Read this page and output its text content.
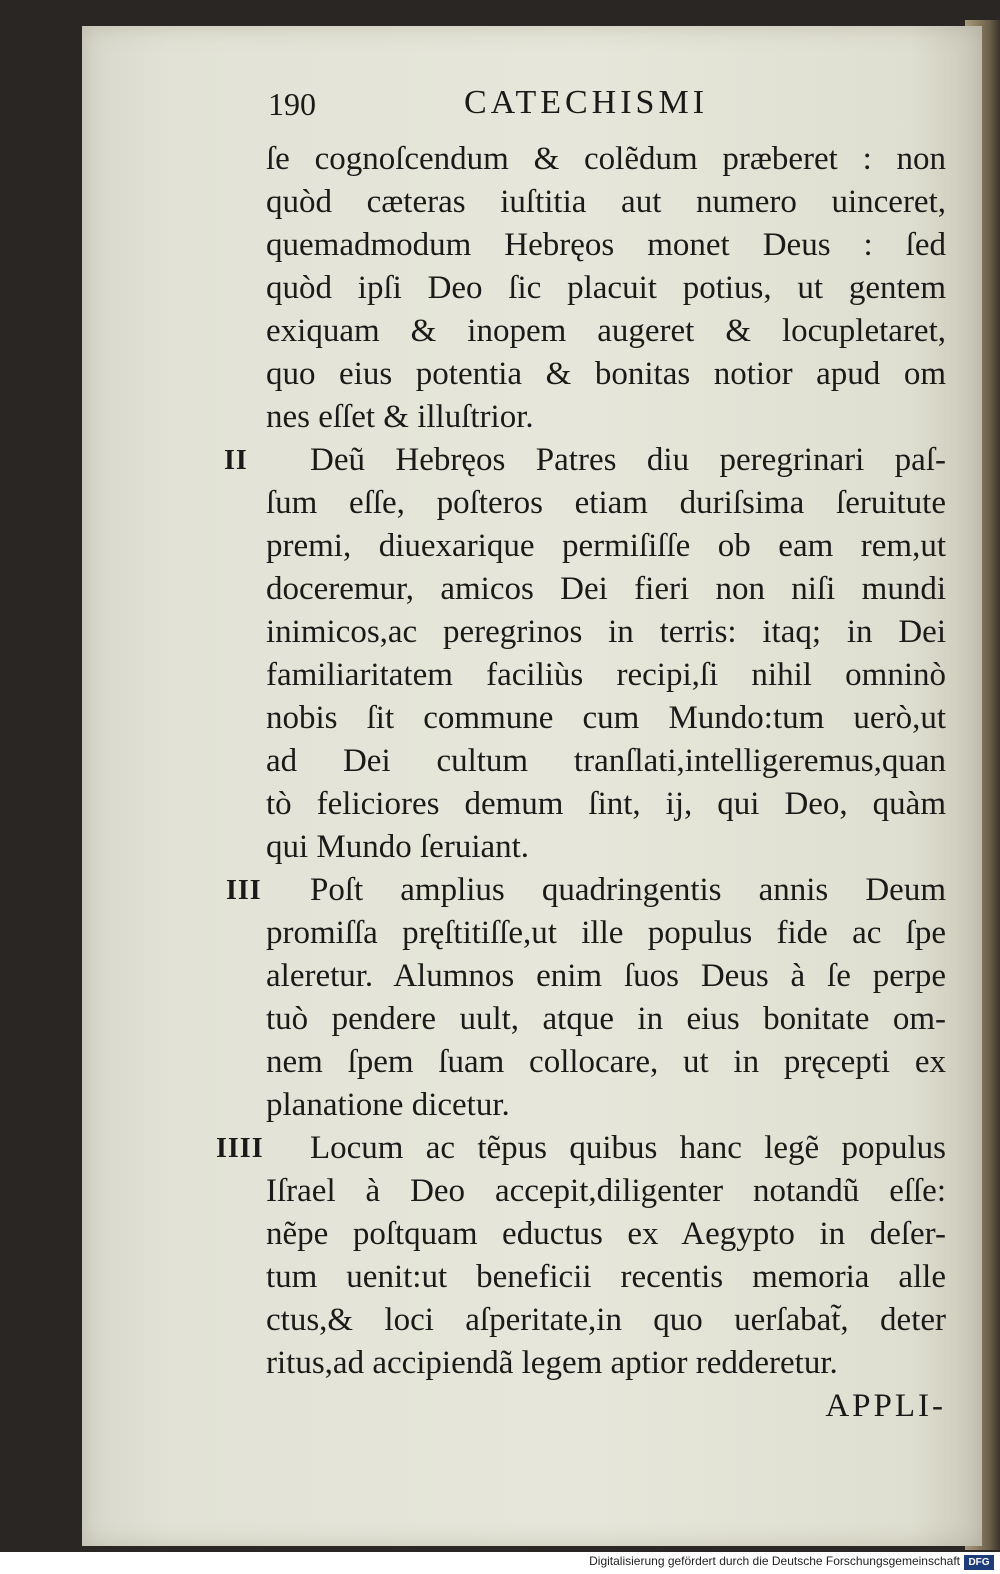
190	CATECHISMI
ſe cognoſcendum & colẽdum præberet : non
quòd cæteras iuſtitia aut numero uinceret,
quemadmodum Hebręos monet Deus : ſed
quòd ipſi Deo ſic placuit potius, ut gentem
exiquam & inopem augeret & locupletaret,
quo eius potentia & bonitas notior apud om
nes eſſet & illuſtrior.
II Deũ Hebręos Patres diu peregrinari paſ-
ſum eſſe, poſteros etiam duriſsima ſeruitute
premi, diuexarique permiſiſſe ob eam rem,ut
doceremur, amicos Dei fieri non niſi mundi
inimicos,ac peregrinos in terris: itaq; in Dei
familiaritatem faciliùs recipi,ſi nihil omninò
nobis ſit commune cum Mundo:tum uerò,ut
ad Dei cultum tranſlati,intelligeremus,quan
tò feliciores demum ſint, ij, qui Deo, quàm
qui Mundo ſeruiant.
III Poſt amplius quadringentis annis Deum
promiſſa pręſtitiſſe,ut ille populus fide ac ſpe
aleretur. Alumnos enim ſuos Deus à ſe perpe
tuò pendere uult, atque in eius bonitate om-
nem ſpem ſuam collocare, ut in pręcepti ex
planatione dicetur.
IIII Locum ac tẽpus quibus hanc legẽ populus
Iſrael à Deo accepit,diligenter notandũ eſſe:
nẽpe poſtquam eductus ex Aegypto in deſer-
tum uenit:ut beneficii recentis memoria alle
ctus,& loci aſperitate,in quo uerſabat̃, deter
ritus,ad accipiendã legem aptior redderetur.
APPLI-
Digitalisierung gefördert durch die Deutsche Forschungsgemeinschaft DFG
